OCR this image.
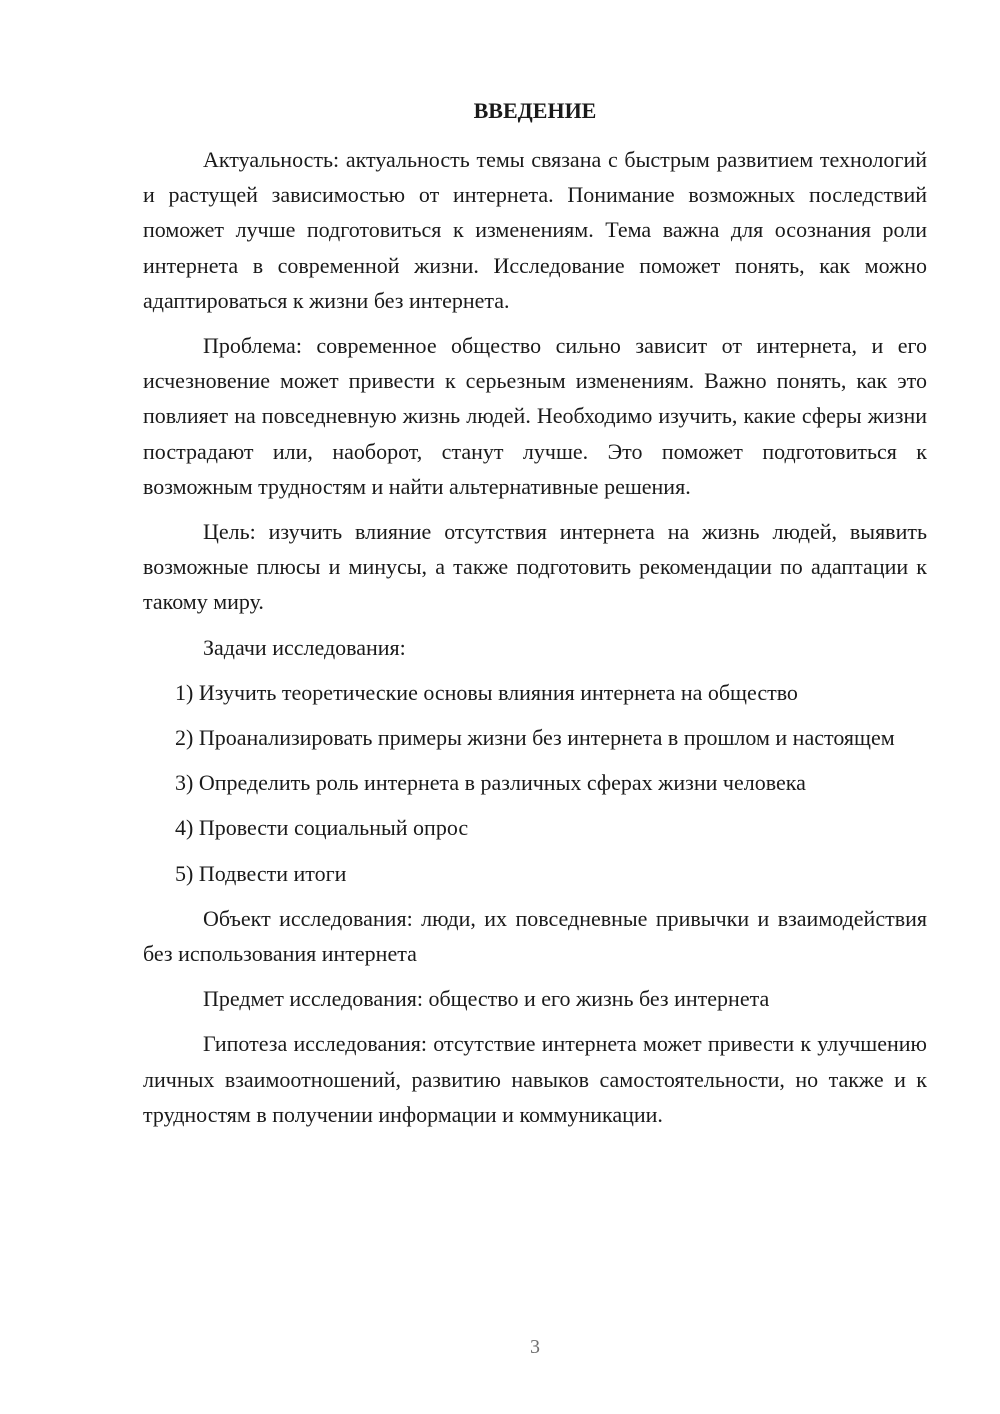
ВВЕДЕНИЕ

Актуальность: актуальность темы связана с быстрым развитием технологий и растущей зависимостью от интернета. Понимание возможных последствий поможет лучше подготовиться к изменениям. Тема важна для осознания роли интернета в современной жизни. Исследование поможет понять, как можно адаптироваться к жизни без интернета.

Проблема: современное общество сильно зависит от интернета, и его исчезновение может привести к серьезным изменениям. Важно понять, как это повлияет на повседневную жизнь людей. Необходимо изучить, какие сферы жизни пострадают или, наоборот, станут лучше. Это поможет подготовиться к возможным трудностям и найти альтернативные решения.

Цель: изучить влияние отсутствия интернета на жизнь людей, выявить возможные плюсы и минусы, а также подготовить рекомендации по адаптации к такому миру.

Задачи исследования:

1) Изучить теоретические основы влияния интернета на общество

2) Проанализировать примеры жизни без интернета в прошлом и настоящем

3) Определить роль интернета в различных сферах жизни человека

4) Провести социальный опрос

5) Подвести итоги

Объект исследования: люди, их повседневные привычки и взаимодействия без использования интернета

Предмет исследования: общество и его жизнь без интернета

Гипотеза исследования: отсутствие интернета может привести к улучшению личных взаимоотношений, развитию навыков самостоятельности, но также и к трудностям в получении информации и коммуникации.

3
